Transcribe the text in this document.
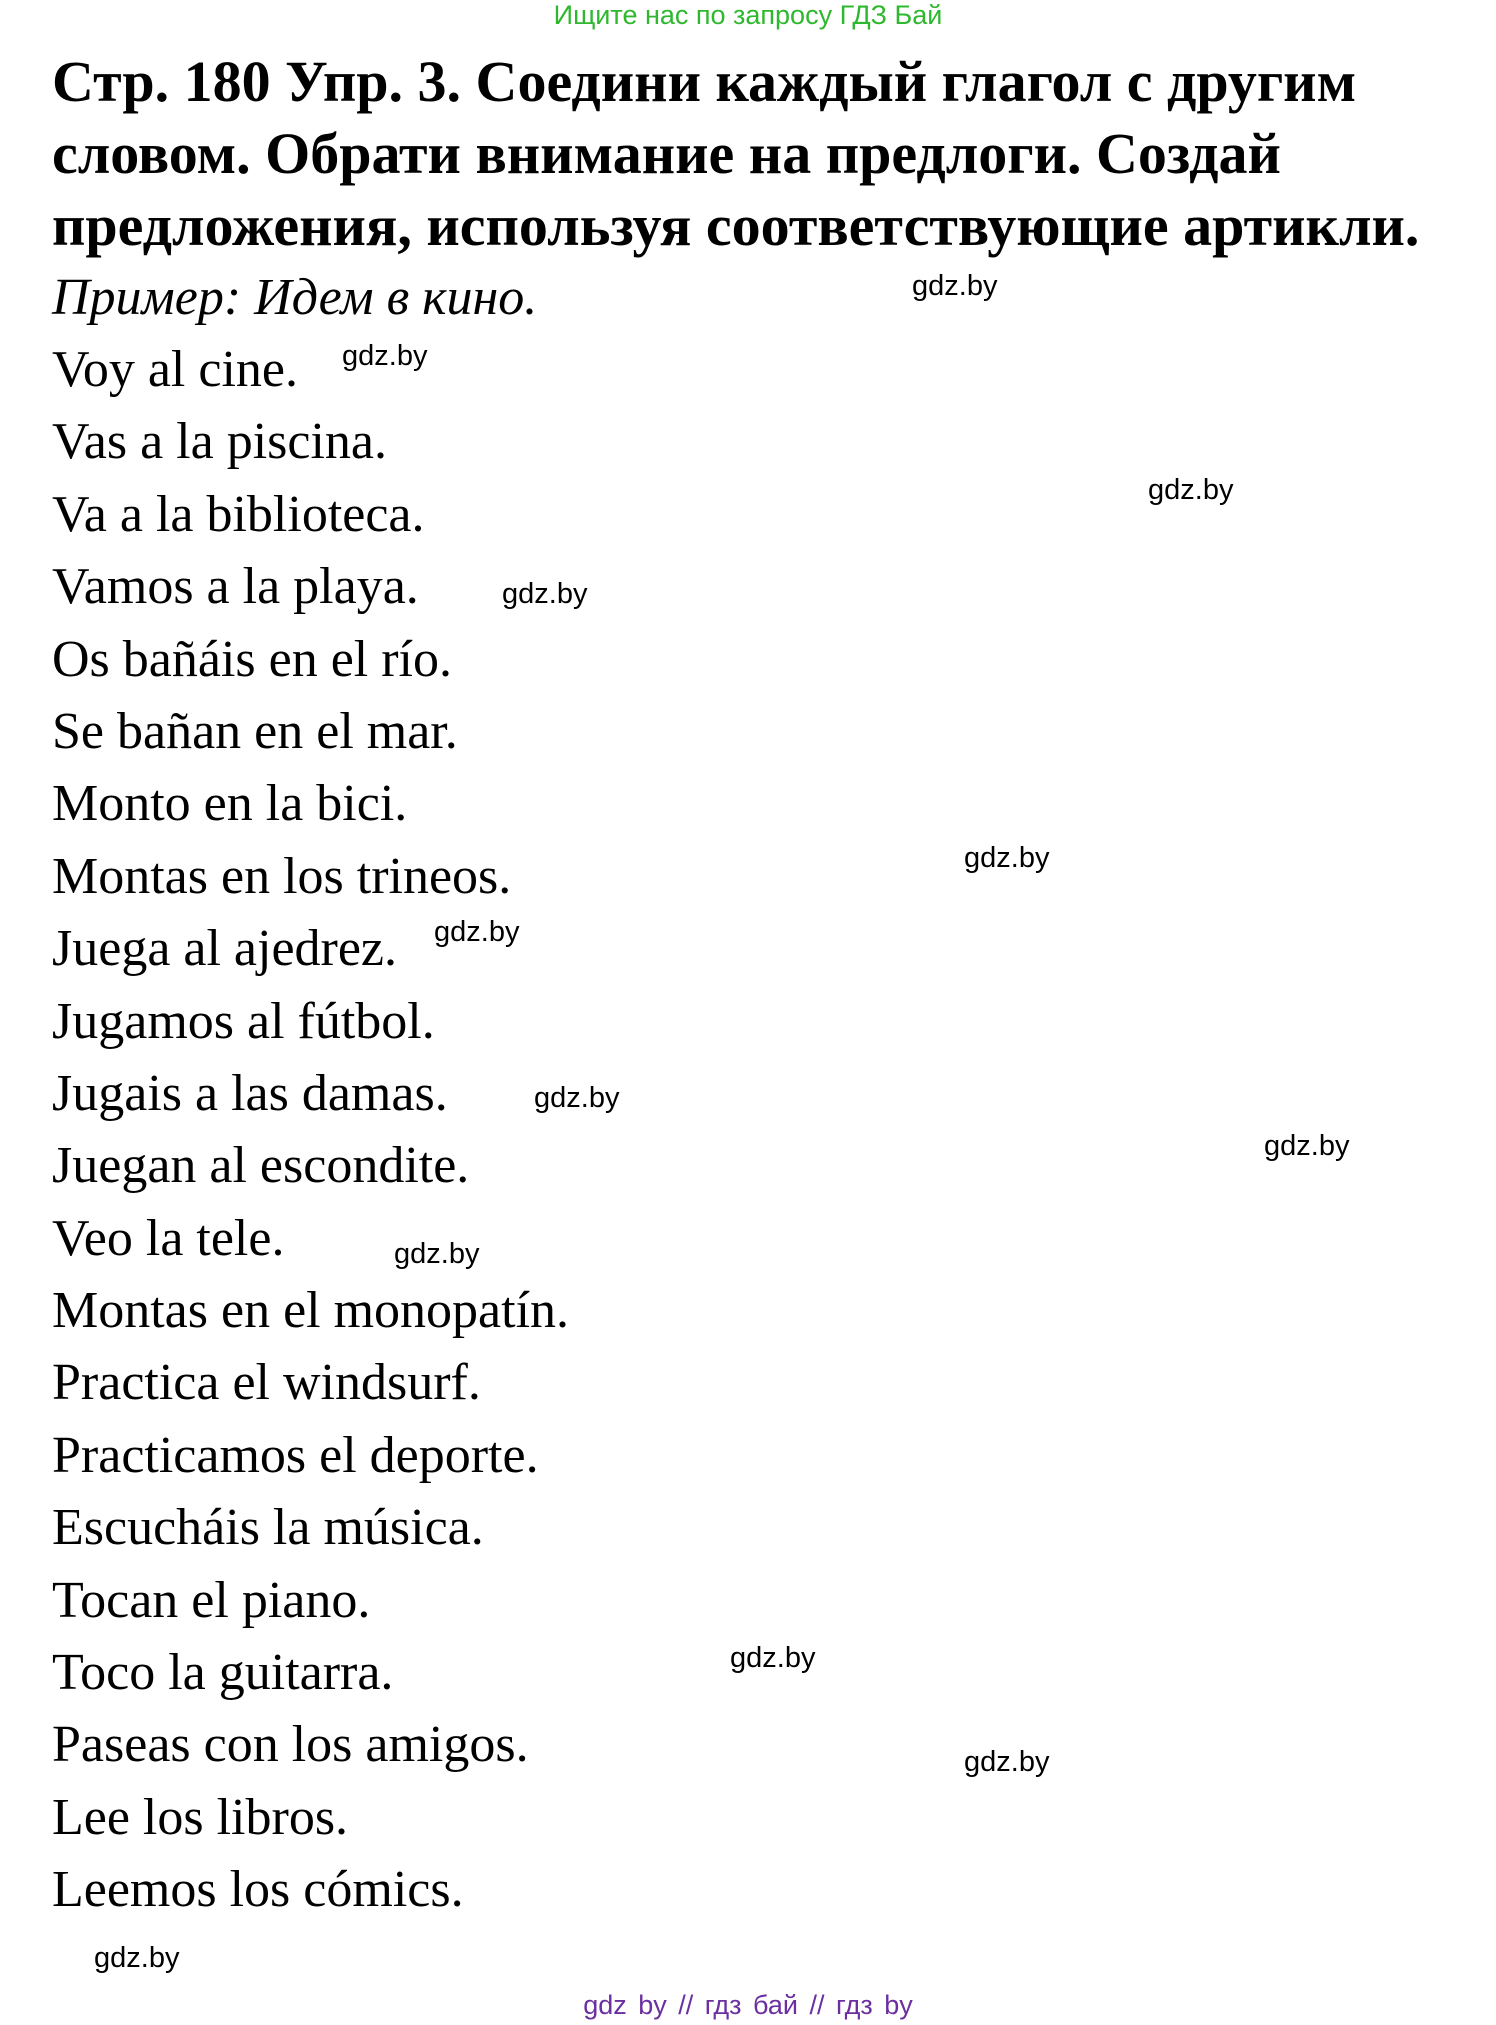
Ищите нас по запросу ГДЗ Бай
Стр. 180 Упр. 3. Соедини каждый глагол с другим
словом. Обрати внимание на предлоги. Создай
предложения, используя соответствующие артикли.
Пример: Идем в кино.
Voy al cine.
Vas a la piscina.
Va a la biblioteca.
Vamos a la playa.
Os bañáis en el río.
Se bañan en el mar.
Monto en la bici.
Montas en los trineos.
Juega al ajedrez.
Jugamos al fútbol.
Jugais a las damas.
Juegan al escondite.
Veo la tele.
Montas en el monopatín.
Practica el windsurf.
Practicamos el deporte.
Escucháis la música.
Tocan el piano.
Toco la guitarra.
Paseas con los amigos.
Lee los libros.
Leemos los cómics.
gdz.by
gdz.by
gdz.by
gdz.by
gdz.by
gdz.by
gdz.by
gdz.by
gdz.by
gdz.by
gdz.by
gdz.by
gdz by // гдз бай // гдз by
